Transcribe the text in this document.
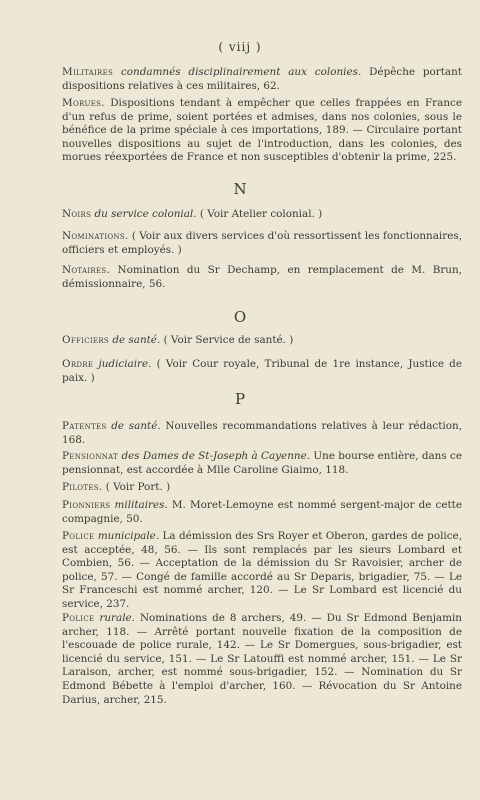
( viij )
Militaires condamnés disciplinairement aux colonies. Dépêche portant dispositions relatives à ces militaires, 62.
Morues. Dispositions tendant à empêcher que celles frappées en France d'un refus de prime, soient portées et admises, dans nos colonies, sous le bénéfice de la prime spéciale à ces importations, 189. — Circulaire portant nouvelles dispositions au sujet de l'introduction, dans les colonies, des morues réexportées de France et non susceptibles d'obtenir la prime, 225.
N
Noirs du service colonial. ( Voir Atelier colonial. )
Nominations. ( Voir aux divers services d'où ressortissent les fonctionnaires, officiers et employés. )
Notaires. Nomination du Sr Dechamp, en remplacement de M. Brun, démissionnaire, 56.
O
Officiers de santé. ( Voir Service de santé. )
Ordre judiciaire. ( Voir Cour royale, Tribunal de 1re instance, Justice de paix. )
P
Patentes de santé. Nouvelles recommandations relatives à leur rédaction, 168.
Pensionnat des Dames de St-Joseph à Cayenne. Une bourse entière, dans ce pensionnat, est accordée à Mlle Caroline Giaimo, 118.
Pilotes. ( Voir Port. )
Pionniers militaires. M. Moret-Lemoyne est nommé sergent-major de cette compagnie, 50.
Police municipale. La démission des Srs Royer et Oberon, gardes de police, est acceptée, 48, 56. — Ils sont remplacés par les sieurs Lombard et Combien, 56. — Acceptation de la démission du Sr Ravoisier, archer de police, 57. — Congé de famille accordé au Sr Deparis, brigadier, 75. — Le Sr Franceschi est nommé archer, 120. — Le Sr Lombard est licencié du service, 237.
Police rurale. Nominations de 8 archers, 49. — Du Sr Edmond Benjamin archer, 118. — Arrêté portant nouvelle fixation de la composition de l'escouade de police rurale, 142. — Le Sr Domergues, sous-brigadier, est licencié du service, 151. — Le Sr Latouffi est nommé archer, 151. — Le Sr Laraison, archer, est nommé sous-brigadier, 152. — Nomination du Sr Edmond Bébette à l'emploi d'archer, 160. — Révocation du Sr Antoine Darius, archer, 215.
